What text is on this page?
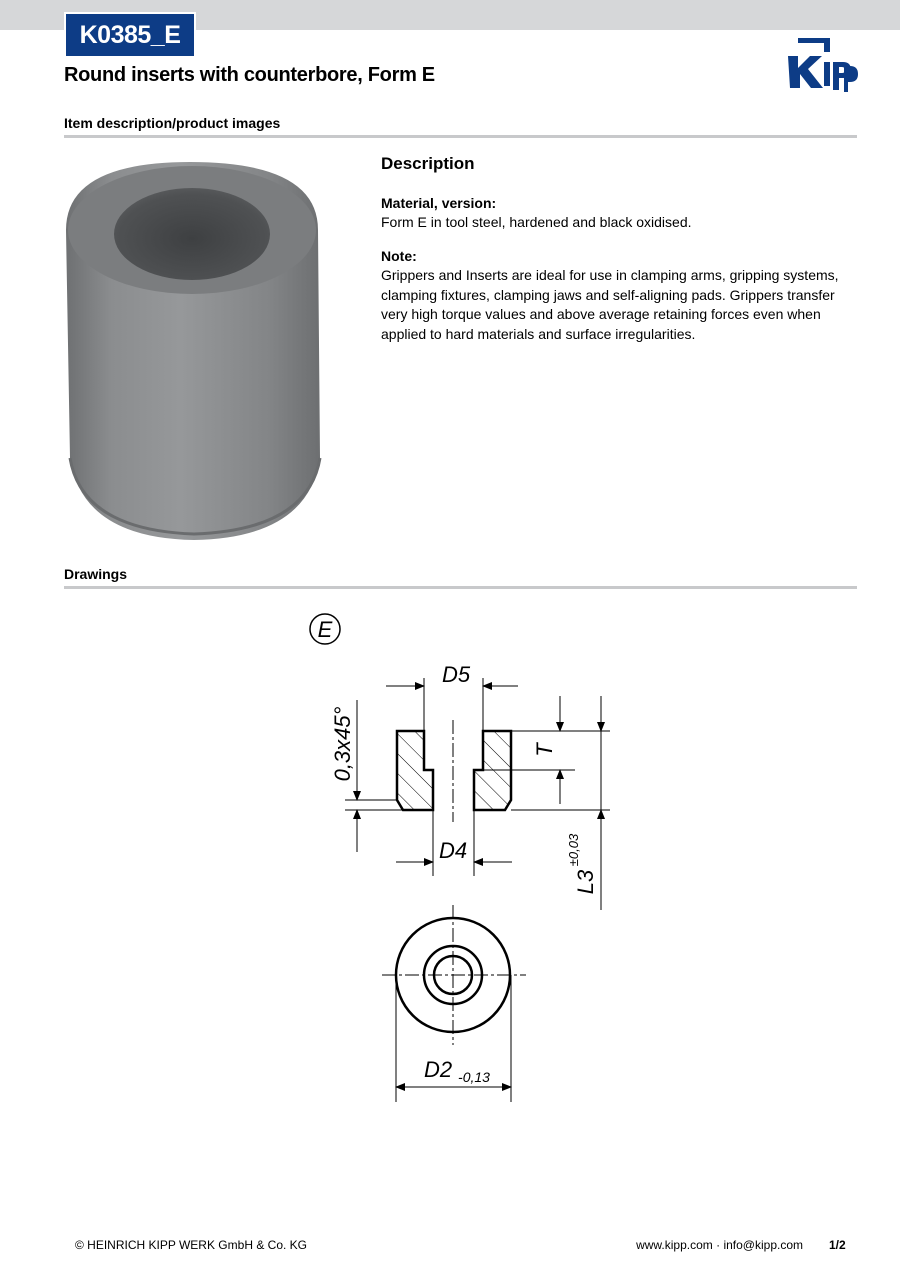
K0385_E
Round inserts with counterbore, Form E
Item description/product images
Description
Material, version:
Form E in tool steel, hardened and black oxidised.
Note:
Grippers and Inserts are ideal for use in clamping arms, gripping systems, clamping fixtures, clamping jaws and self-aligning pads. Grippers transfer very high torque values and above average retaining forces even when applied to hard materials and surface irregularities.
Drawings
E
D5
T
0,3x45°
D4
L3
±0,03
D2 -0,13
© HEINRICH KIPP WERK GmbH & Co. KG	www.kipp.com · info@kipp.com 1/2
